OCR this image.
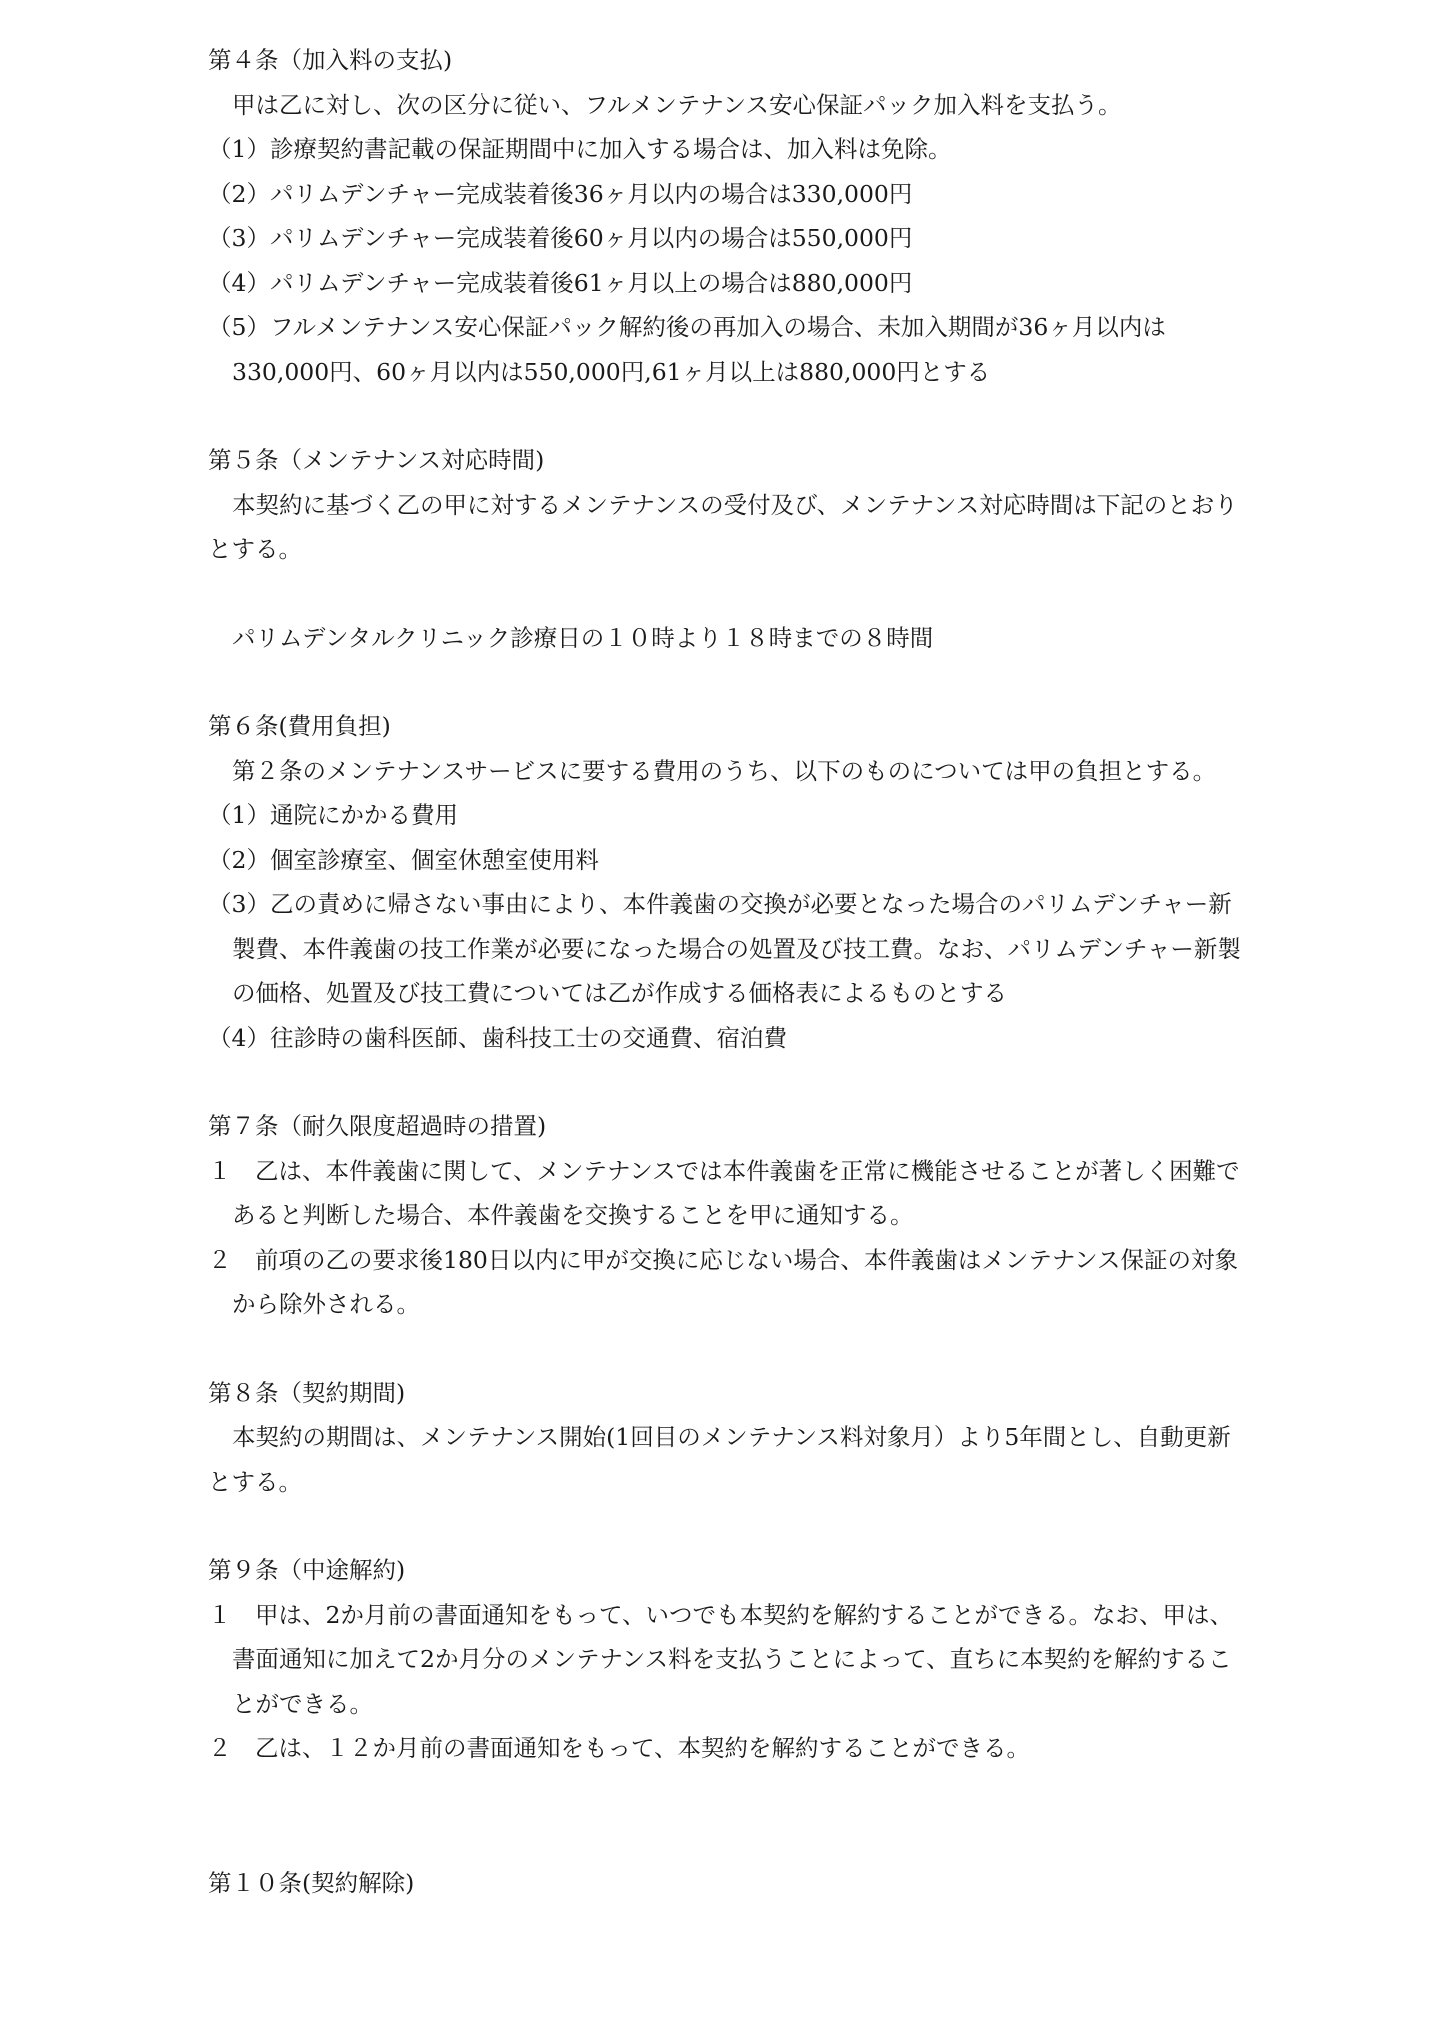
第４条（加入料の支払)

甲は乙に対し、次の区分に従い、フルメンテナンス安心保証パック加入料を支払う。

（1）診療契約書記載の保証期間中に加入する場合は、加入料は免除。

（2）パリムデンチャー完成装着後36ヶ月以内の場合は330,000円

（3）パリムデンチャー完成装着後60ヶ月以内の場合は550,000円

（4）パリムデンチャー完成装着後61ヶ月以上の場合は880,000円

（5）フルメンテナンス安心保証パック解約後の再加入の場合、未加入期間が36ヶ月以内は330,000円、60ヶ月以内は550,000円,61ヶ月以上は880,000円とする

第５条（メンテナンス対応時間)

本契約に基づく乙の甲に対するメンテナンスの受付及び、メンテナンス対応時間は下記のとおりとする。

パリムデンタルクリニック診療日の１０時より１８時までの８時間

第６条(費用負担)

第２条のメンテナンスサービスに要する費用のうち、以下のものについては甲の負担とする。

（1）通院にかかる費用

（2）個室診療室、個室休憩室使用料

（3）乙の責めに帰さない事由により、本件義歯の交換が必要となった場合のパリムデンチャー新製費、本件義歯の技工作業が必要になった場合の処置及び技工費。なお、パリムデンチャー新製の価格、処置及び技工費については乙が作成する価格表によるものとする

（4）往診時の歯科医師、歯科技工士の交通費、宿泊費

第７条（耐久限度超過時の措置)

１　乙は、本件義歯に関して、メンテナンスでは本件義歯を正常に機能させることが著しく困難であると判断した場合、本件義歯を交換することを甲に通知する。

２　前項の乙の要求後180日以内に甲が交換に応じない場合、本件義歯はメンテナンス保証の対象から除外される。

第８条（契約期間)

本契約の期間は、メンテナンス開始(1回目のメンテナンス料対象月）より5年間とし、自動更新とする。

第９条（中途解約)

１　甲は、2か月前の書面通知をもって、いつでも本契約を解約することができる。なお、甲は、書面通知に加えて2か月分のメンテナンス料を支払うことによって、直ちに本契約を解約することができる。

２　乙は、１２か月前の書面通知をもって、本契約を解約することができる。

第１０条(契約解除)
